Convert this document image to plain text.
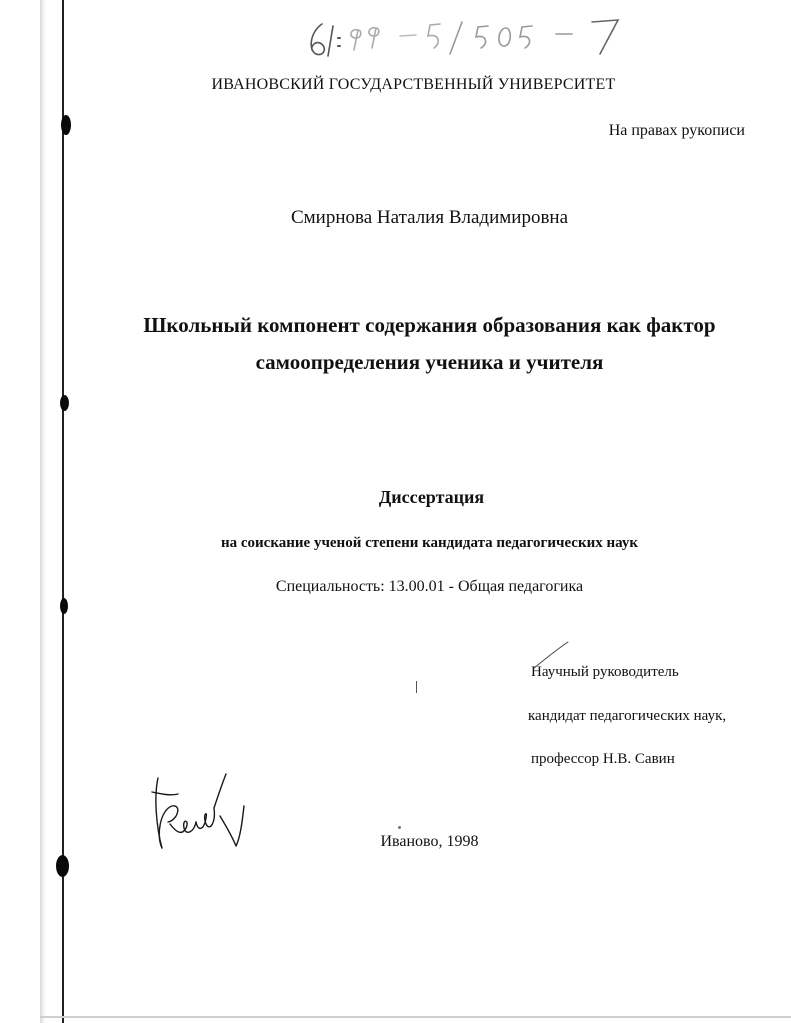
ИВАНОВСКИЙ ГОСУДАРСТВЕННЫЙ УНИВЕРСИТЕТ
На правах рукописи
Смирнова Наталия Владимировна
Школьный компонент содержания образования как фактор
самоопределения ученика и учителя
Диссертация
на соискание ученой степени кандидата педагогических наук
Специальность: 13.00.01 - Общая педагогика
Научный руководитель
кандидат педагогических наук,
профессор Н.В. Савин
Иваново, 1998
